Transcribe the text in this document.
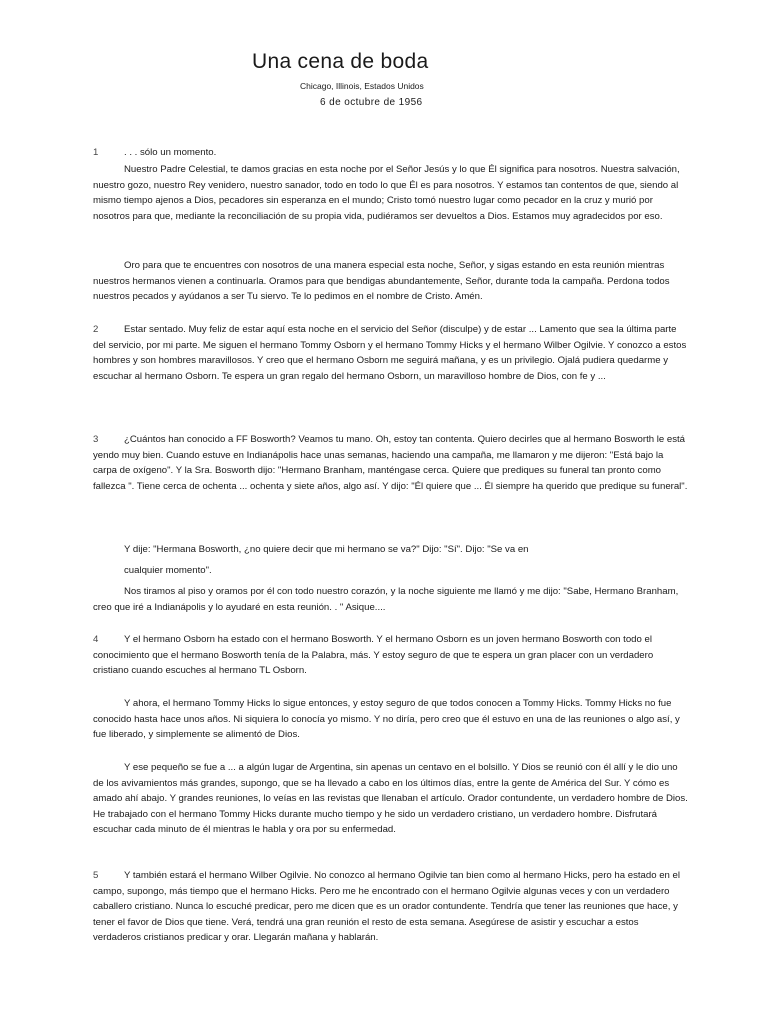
Una cena de boda
Chicago, Illinois, Estados Unidos
6 de octubre de 1956

1	. . . sólo un momento.

Nuestro Padre Celestial, te damos gracias en esta noche por el Señor Jesús y lo que Él significa para nosotros. Nuestra salvación, nuestro gozo, nuestro Rey venidero, nuestro sanador, todo en todo lo que Él es para nosotros. Y estamos tan contentos de que, siendo al mismo tiempo ajenos a Dios, pecadores sin esperanza en el mundo; Cristo tomó nuestro lugar como pecador en la cruz y murió por nosotros para que, mediante la reconciliación de su propia vida, pudiéramos ser devueltos a Dios. Estamos muy agradecidos por eso.

Oro para que te encuentres con nosotros de una manera especial esta noche, Señor, y sigas estando en esta reunión mientras nuestros hermanos vienen a continuarla. Oramos para que bendigas abundantemente, Señor, durante toda la campaña. Perdona todos nuestros pecados y ayúdanos a ser Tu siervo. Te lo pedimos en el nombre de Cristo. Amén.

2	Estar sentado. Muy feliz de estar aquí esta noche en el servicio del Señor (disculpe) y de estar ... Lamento que sea la última parte del servicio, por mi parte. Me siguen el hermano Tommy Osborn y el hermano Tommy Hicks y el hermano Wilber Ogilvie. Y conozco a estos hombres y son hombres maravillosos. Y creo que el hermano Osborn me seguirá mañana, y es un privilegio. Ojalá pudiera quedarme y escuchar al hermano Osborn. Te espera un gran regalo del hermano Osborn, un maravilloso hombre de Dios, con fe y ...

3	¿Cuántos han conocido a FF Bosworth? Veamos tu mano. Oh, estoy tan contenta. Quiero decirles que al hermano Bosworth le está yendo muy bien. Cuando estuve en Indianápolis hace unas semanas, haciendo una campaña, me llamaron y me dijeron: "Está bajo la carpa de oxígeno". Y la Sra. Bosworth dijo: "Hermano Branham, manténgase cerca. Quiere que prediques su funeral tan pronto como fallezca ". Tiene cerca de ochenta ... ochenta y siete años, algo así. Y dijo: "Él quiere que ... Él siempre ha querido que predique su funeral".

Y dije: "Hermana Bosworth, ¿no quiere decir que mi hermano se va?" Dijo: "Sí". Dijo: "Se va en

cualquier momento".

Nos tiramos al piso y oramos por él con todo nuestro corazón, y la noche siguiente me llamó y me dijo: "Sabe, Hermano Branham, creo que iré a Indianápolis y lo ayudaré en esta reunión. . " Asique....

4	Y el hermano Osborn ha estado con el hermano Bosworth. Y el hermano Osborn es un joven hermano Bosworth con todo el conocimiento que el hermano Bosworth tenía de la Palabra, más. Y estoy seguro de que te espera un gran placer con un verdadero cristiano cuando escuches al hermano TL Osborn.

Y ahora, el hermano Tommy Hicks lo sigue entonces, y estoy seguro de que todos conocen a Tommy Hicks. Tommy Hicks no fue conocido hasta hace unos años. Ni siquiera lo conocía yo mismo. Y no diría, pero creo que él estuvo en una de las reuniones o algo así, y fue liberado, y simplemente se alimentó de Dios.

Y ese pequeño se fue a ... a algún lugar de Argentina, sin apenas un centavo en el bolsillo. Y Dios se reunió con él allí y le dio uno de los avivamientos más grandes, supongo, que se ha llevado a cabo en los últimos días, entre la gente de América del Sur. Y cómo es amado ahí abajo. Y grandes reuniones, lo veías en las revistas que llenaban el artículo. Orador contundente, un verdadero hombre de Dios. He trabajado con el hermano Tommy Hicks durante mucho tiempo y he sido un verdadero cristiano, un verdadero hombre. Disfrutará escuchar cada minuto de él mientras le habla y ora por su enfermedad.

5	Y también estará el hermano Wilber Ogilvie. No conozco al hermano Ogilvie tan bien como al hermano Hicks, pero ha estado en el campo, supongo, más tiempo que el hermano Hicks. Pero me he encontrado con el hermano Ogilvie algunas veces y con un verdadero caballero cristiano. Nunca lo escuché predicar, pero me dicen que es un orador contundente. Tendría que tener las reuniones que hace, y tener el favor de Dios que tiene. Verá, tendrá una gran reunión el resto de esta semana. Asegúrese de asistir y escuchar a estos verdaderos cristianos predicar y orar. Llegarán mañana y hablarán.
